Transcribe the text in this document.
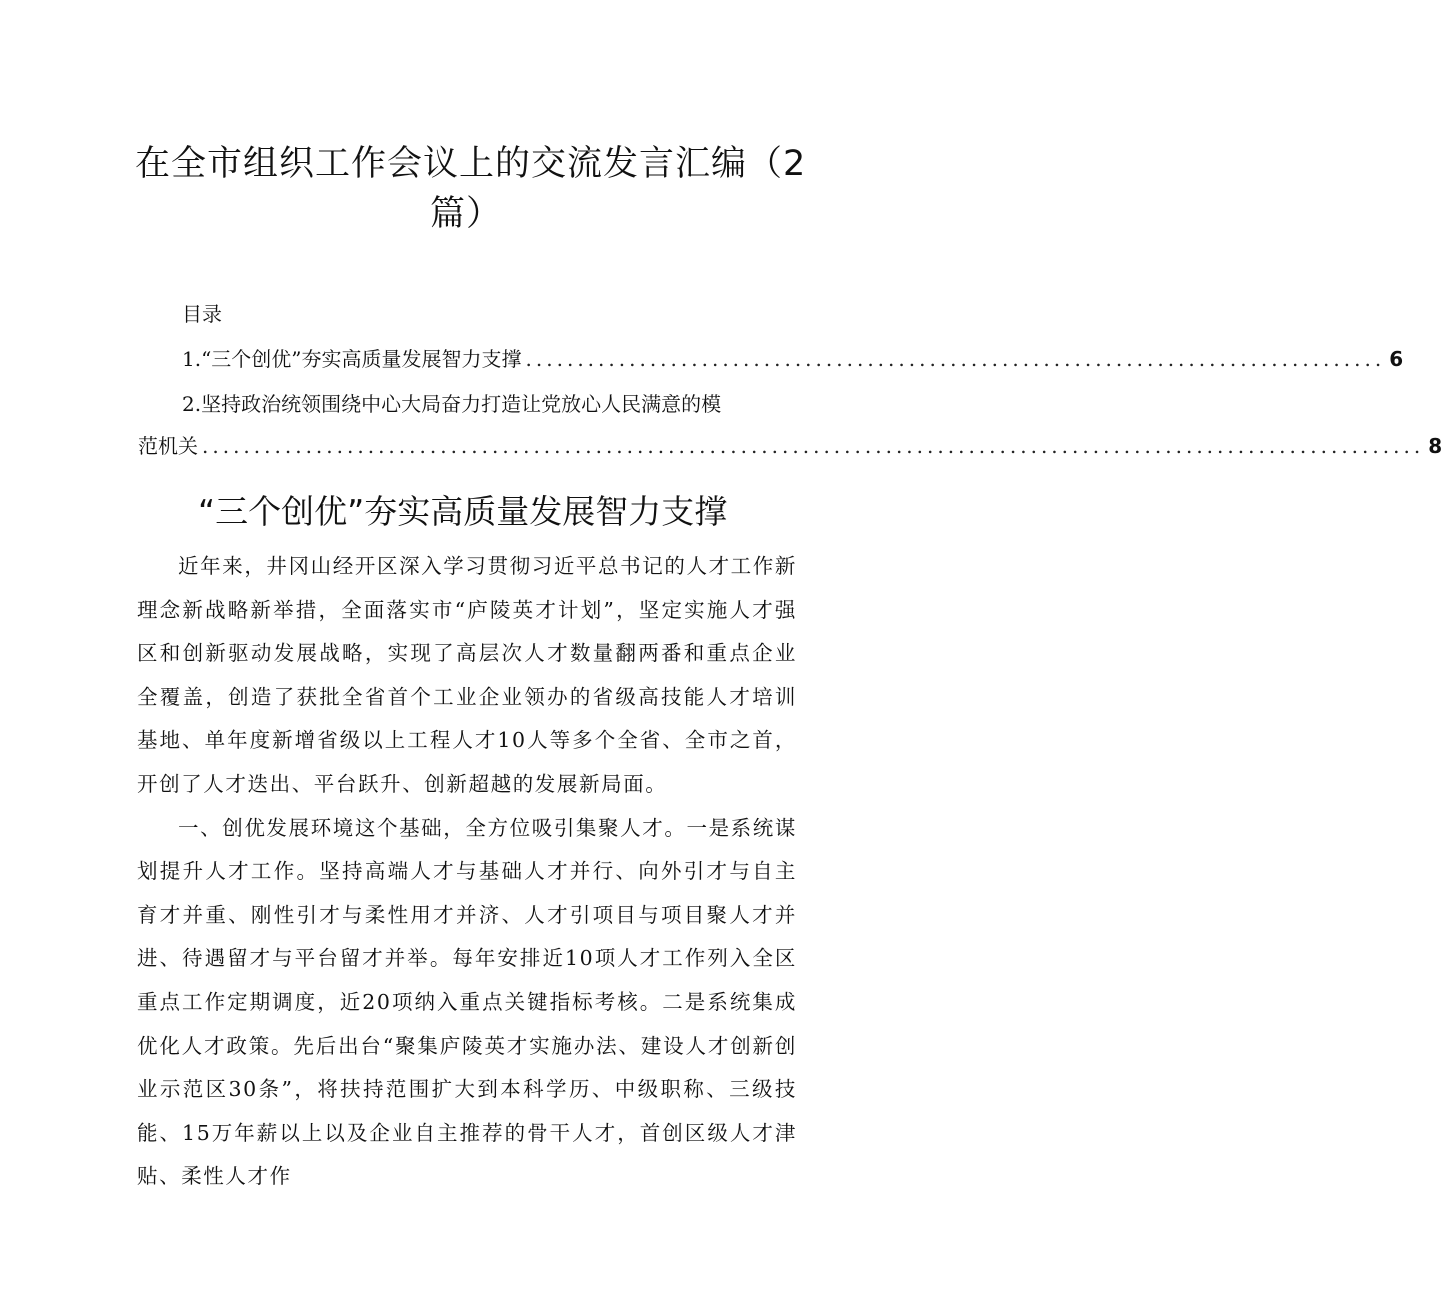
在全市组织工作会议上的交流发言汇编（2
篇）
目录
1.“三个创优”夯实高质量发展智力支撑 ................................................................................... 6
2.坚持政治统领围绕中心大局奋力打造让党放心人民满意的模
范机关 ...................................................................................................................... 8
“三个创优”夯实高质量发展智力支撑

近年来，井冈山经开区深入学习贯彻习近平总书记的人才工作新理念新战略新举措，全面落实市“庐陵英才计划”，坚定实施人才强区和创新驱动发展战略，实现了高层次人才数量翻两番和重点企业全覆盖，创造了获批全省首个工业企业领办的省级高技能人才培训基地、单年度新增省级以上工程人才10人等多个全省、全市之首，开创了人才迭出、平台跃升、创新超越的发展新局面。

一、创优发展环境这个基础，全方位吸引集聚人才。一是系统谋划提升人才工作。坚持高端人才与基础人才并行、向外引才与自主育才并重、刚性引才与柔性用才并济、人才引项目与项目聚人才并进、待遇留才与平台留才并举。每年安排近10项人才工作列入全区重点工作定期调度，近20项纳入重点关键指标考核。二是系统集成优化人才政策。先后出台“聚集庐陵英才实施办法、建设人才创新创业示范区30条”，将扶持范围扩大到本科学历、中级职称、三级技能、15万年薪以上以及企业自主推荐的骨干人才，首创区级人才津贴、柔性人才作
